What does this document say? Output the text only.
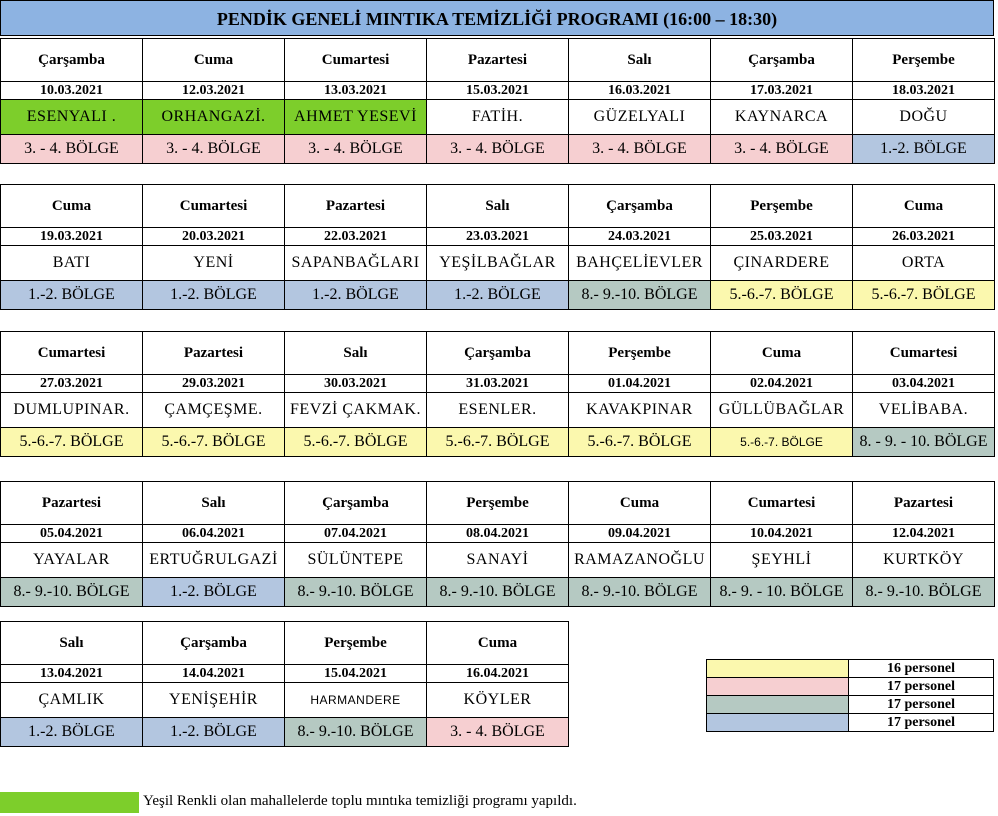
PENDİK GENELİ MINTIKA TEMİZLİĞİ PROGRAMI (16:00 – 18:30)
Çarşamba	Cuma	Cumartesi	Pazartesi	Salı	Çarşamba	Perşembe
10.03.2021	12.03.2021	13.03.2021	15.03.2021	16.03.2021	17.03.2021	18.03.2021
ESENYALI .	ORHANGAZİ.	AHMET YESEVİ	FATİH.	GÜZELYALI	KAYNARCA	DOĞU
3. - 4. BÖLGE	3. - 4. BÖLGE	3. - 4. BÖLGE	3. - 4. BÖLGE	3. - 4. BÖLGE	3. - 4. BÖLGE	1.-2. BÖLGE
Cuma	Cumartesi	Pazartesi	Salı	Çarşamba	Perşembe	Cuma
19.03.2021	20.03.2021	22.03.2021	23.03.2021	24.03.2021	25.03.2021	26.03.2021
BATI	YENİ	SAPANBAĞLARI	YEŞİLBAĞLAR	BAHÇELİEVLER	ÇINARDERE	ORTA
1.-2. BÖLGE	1.-2. BÖLGE	1.-2. BÖLGE	1.-2. BÖLGE	8.- 9.-10. BÖLGE	5.-6.-7. BÖLGE	5.-6.-7. BÖLGE
Cumartesi	Pazartesi	Salı	Çarşamba	Perşembe	Cuma	Cumartesi
27.03.2021	29.03.2021	30.03.2021	31.03.2021	01.04.2021	02.04.2021	03.04.2021
DUMLUPINAR.	ÇAMÇEŞME.	FEVZİ ÇAKMAK.	ESENLER.	KAVAKPINAR	GÜLLÜBAĞLAR	VELİBABA.
5.-6.-7. BÖLGE	5.-6.-7. BÖLGE	5.-6.-7. BÖLGE	5.-6.-7. BÖLGE	5.-6.-7. BÖLGE	5.-6.-7. BÖLGE	8. - 9. - 10. BÖLGE
Pazartesi	Salı	Çarşamba	Perşembe	Cuma	Cumartesi	Pazartesi
05.04.2021	06.04.2021	07.04.2021	08.04.2021	09.04.2021	10.04.2021	12.04.2021
YAYALAR	ERTUĞRULGAZİ	SÜLÜNTEPE	SANAYİ	RAMAZANOĞLU	ŞEYHLİ	KURTKÖY
8.- 9.-10. BÖLGE	1.-2. BÖLGE	8.- 9.-10. BÖLGE	8.- 9.-10. BÖLGE	8.- 9.-10. BÖLGE	8.- 9. - 10. BÖLGE	8.- 9.-10. BÖLGE
Salı	Çarşamba	Perşembe	Cuma
13.04.2021	14.04.2021	15.04.2021	16.04.2021
ÇAMLIK	YENİŞEHİR	HARMANDERE	KÖYLER
1.-2. BÖLGE	1.-2. BÖLGE	8.- 9.-10. BÖLGE	3. - 4. BÖLGE
	16 personel
	17 personel
	17 personel
	17 personel
Yeşil Renkli olan mahallelerde toplu mıntıka temizliği programı yapıldı.
